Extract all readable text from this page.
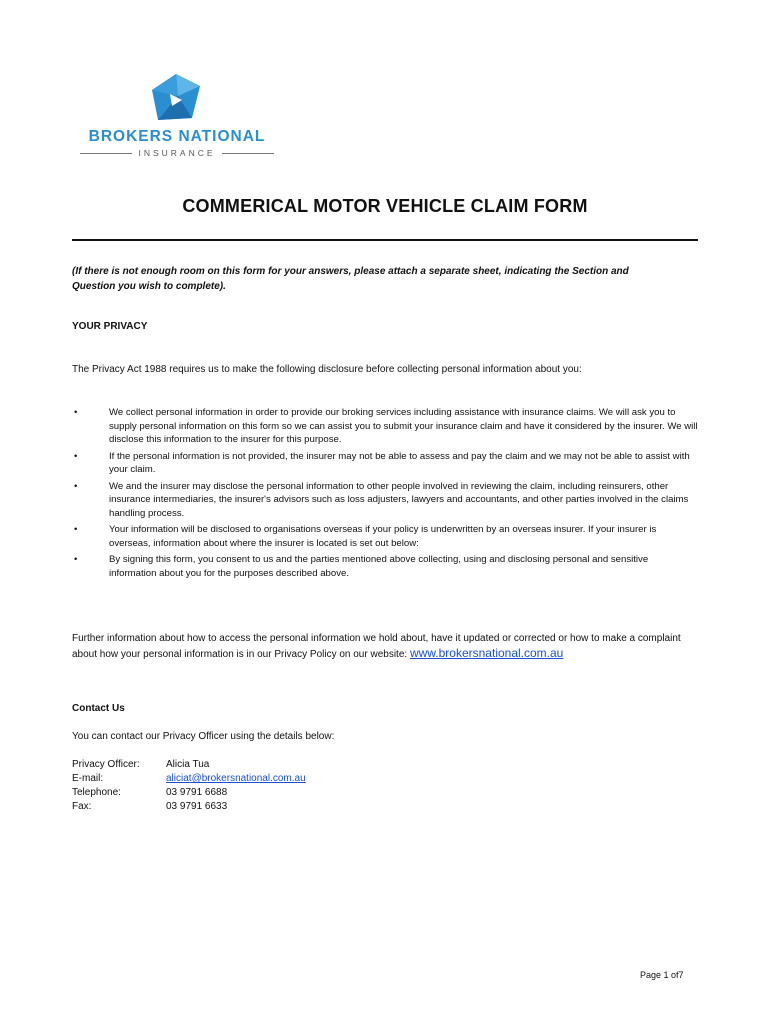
BROKERS NATIONAL
INSURANCE
COMMERICAL MOTOR VEHICLE CLAIM FORM
(If there is not enough room on this form for your answers, please attach a separate sheet, indicating the Section and Question you wish to complete).
YOUR PRIVACY
The Privacy Act 1988 requires us to make the following disclosure before collecting personal information about you:
•	We collect personal information in order to provide our broking services including assistance with insurance claims. We will ask you to supply personal information on this form so we can assist you to submit your insurance claim and have it considered by the insurer. We will disclose this information to the insurer for this purpose.
•	If the personal information is not provided, the insurer may not be able to assess and pay the claim and we may not be able to assist with your claim.
•	We and the insurer may disclose the personal information to other people involved in reviewing the claim, including reinsurers, other insurance intermediaries, the insurer's advisors such as loss adjusters, lawyers and accountants, and other parties involved in the claims handling process.
•	Your information will be disclosed to organisations overseas if your policy is underwritten by an overseas insurer. If your insurer is overseas, information about where the insurer is located is set out below:
•	By signing this form, you consent to us and the parties mentioned above collecting, using and disclosing personal and sensitive information about you for the purposes described above.
Further information about how to access the personal information we hold about, have it updated or corrected or how to make a complaint about how your personal information is in our Privacy Policy on our website: www.brokersnational.com.au
Contact Us
You can contact our Privacy Officer using the details below:
Privacy Officer:	Alicia Tua
E-mail:	aliciat@brokersnational.com.au
Telephone:	03 9791 6688
Fax:	03 9791 6633
Page 1 of7
